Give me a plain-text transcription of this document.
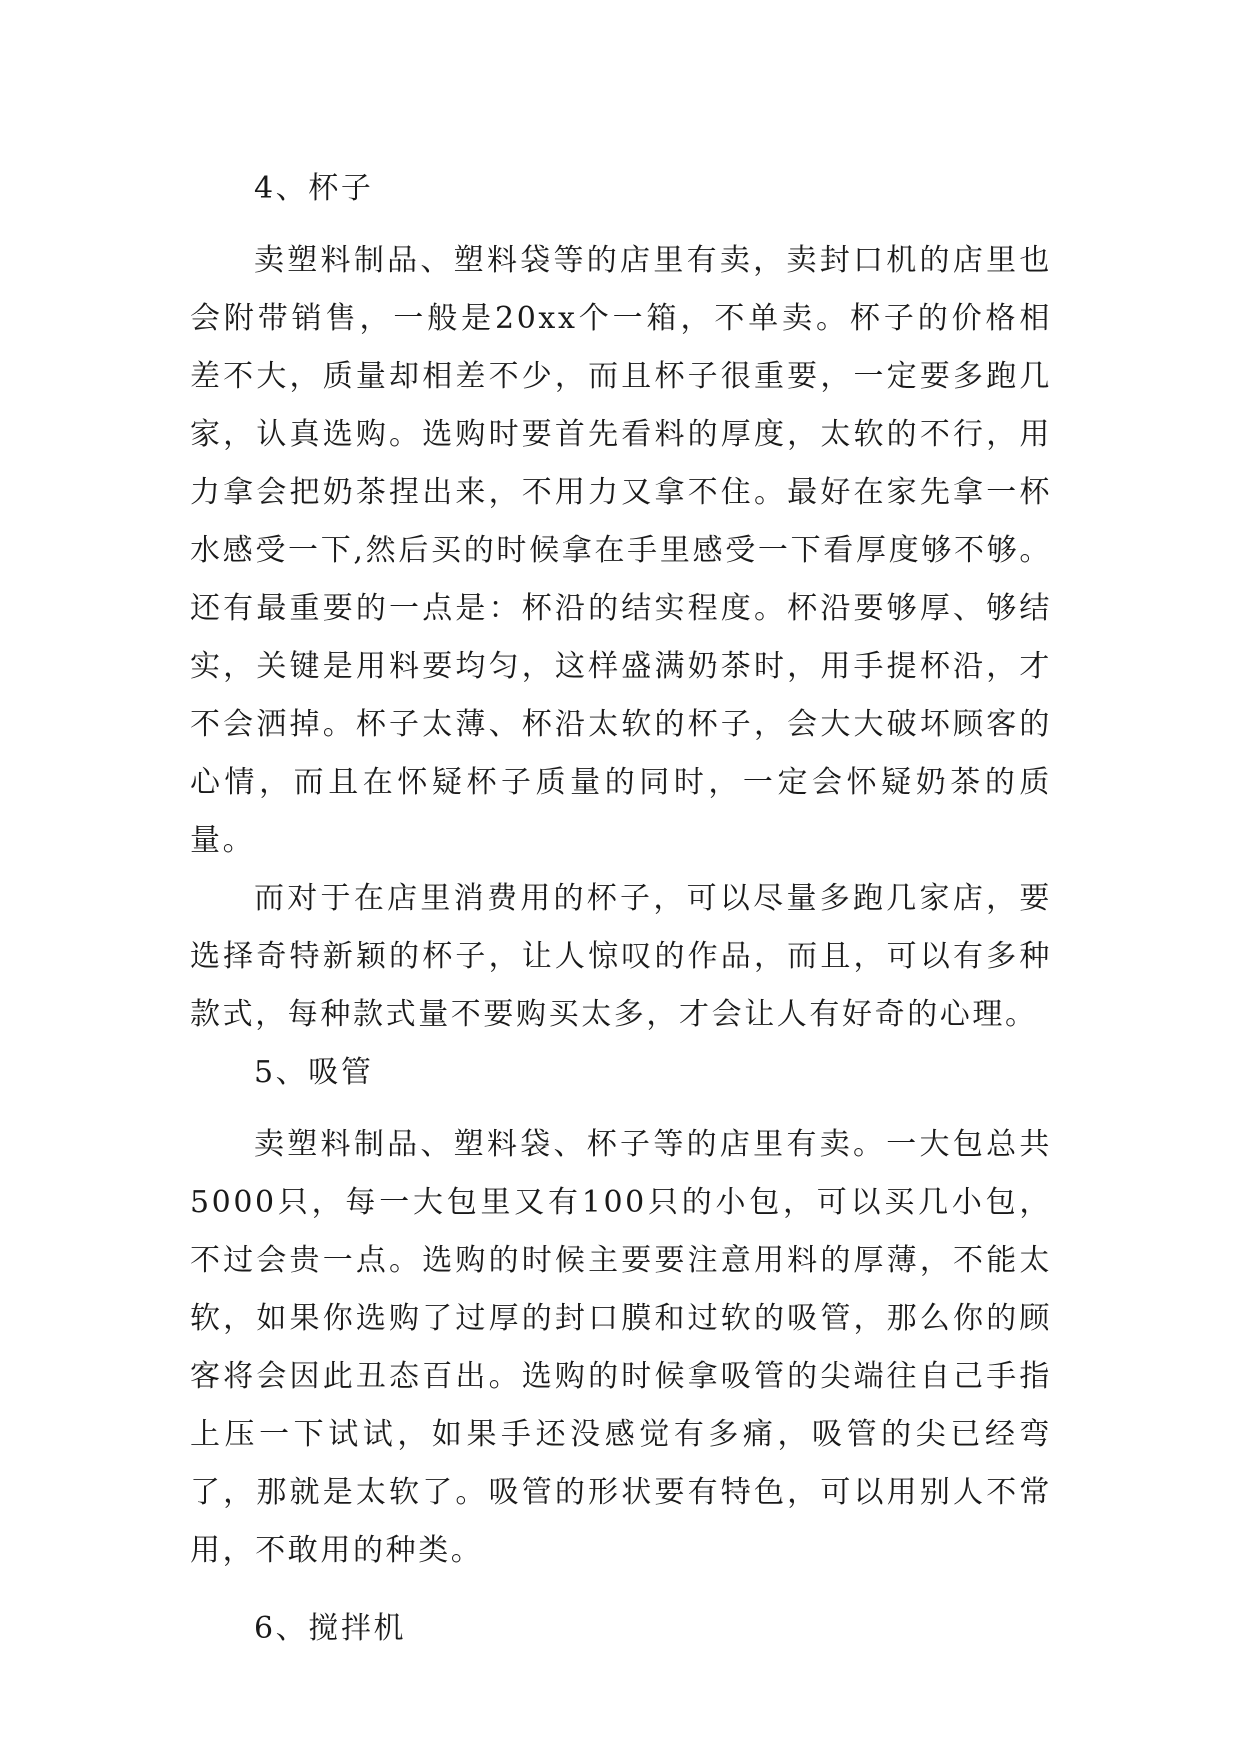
4、杯子

卖塑料制品、塑料袋等的店里有卖，卖封口机的店里也会附带销售，一般是20xx个一箱，不单卖。杯子的价格相差不大，质量却相差不少，而且杯子很重要，一定要多跑几家，认真选购。选购时要首先看料的厚度，太软的不行，用力拿会把奶茶捏出来，不用力又拿不住。最好在家先拿一杯水感受一下,然后买的时候拿在手里感受一下看厚度够不够。还有最重要的一点是：杯沿的结实程度。杯沿要够厚、够结实，关键是用料要均匀，这样盛满奶茶时，用手提杯沿，才不会洒掉。杯子太薄、杯沿太软的杯子，会大大破坏顾客的心情，而且在怀疑杯子质量的同时，一定会怀疑奶茶的质量。

而对于在店里消费用的杯子，可以尽量多跑几家店，要选择奇特新颖的杯子，让人惊叹的作品，而且，可以有多种款式，每种款式量不要购买太多，才会让人有好奇的心理。

5、吸管

卖塑料制品、塑料袋、杯子等的店里有卖。一大包总共5000只，每一大包里又有100只的小包，可以买几小包，不过会贵一点。选购的时候主要要注意用料的厚薄，不能太软，如果你选购了过厚的封口膜和过软的吸管，那么你的顾客将会因此丑态百出。选购的时候拿吸管的尖端往自己手指上压一下试试，如果手还没感觉有多痛，吸管的尖已经弯了，那就是太软了。吸管的形状要有特色，可以用别人不常用，不敢用的种类。

6、搅拌机
